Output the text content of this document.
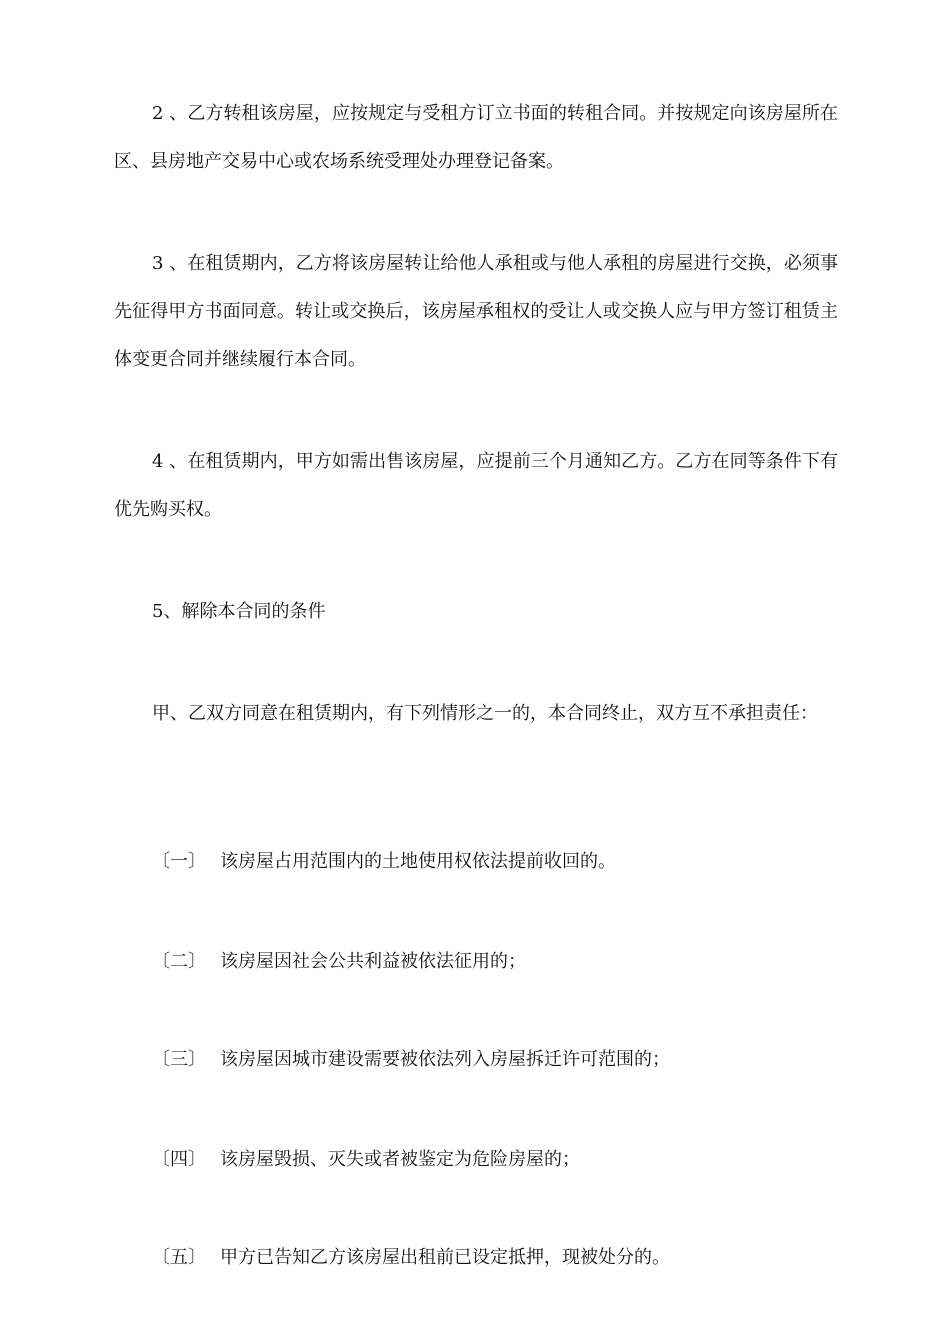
2 、乙方转租该房屋，应按规定与受租方订立书面的转租合同。并按规定向该房屋所在区、县房地产交易中心或农场系统受理处办理登记备案。

3 、在租赁期内，乙方将该房屋转让给他人承租或与他人承租的房屋进行交换，必须事先征得甲方书面同意。转让或交换后，该房屋承租权的受让人或交换人应与甲方签订租赁主体变更合同并继续履行本合同。

4 、在租赁期内，甲方如需出售该房屋，应提前三个月通知乙方。乙方在同等条件下有优先购买权。

5、解除本合同的条件

甲、乙双方同意在租赁期内，有下列情形之一的，本合同终止，双方互不承担责任：

〔一〕 该房屋占用范围内的土地使用权依法提前收回的。

〔二〕 该房屋因社会公共利益被依法征用的；

〔三〕 该房屋因城市建设需要被依法列入房屋拆迁许可范围的；

〔四〕 该房屋毁损、灭失或者被鉴定为危险房屋的；

〔五〕 甲方已告知乙方该房屋出租前已设定抵押，现被处分的。
